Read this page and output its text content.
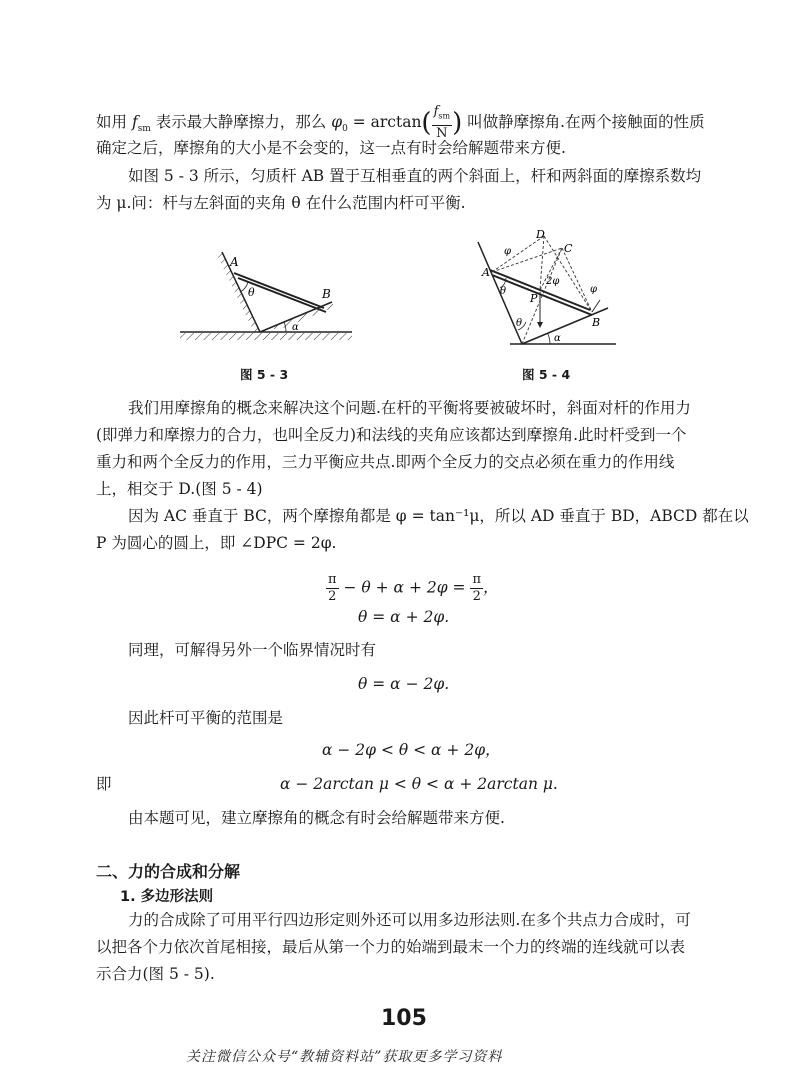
如用 $f_{sm}$ 表示最大静摩擦力，那么 $\varphi_0 = \arctan( \frac{f_{sm}}{N}$ ) 叫做静摩擦角.在两个接触面的性质
确定之后，摩擦角的大小是不会变的，这一点有时会给解题带来方便.
如图 5 - 3 所示，匀质杆 AB 置于互相垂直的两个斜面上，杆和两斜面的摩擦系数均
为 μ.问：杆与左斜面的夹角 θ 在什么范围内杆可平衡.
A
B
θ
α
图 5 - 3
A
B
C
D
P
θ
θ
α
φ
φ
2φ
图 5 - 4
我们用摩擦角的概念来解决这个问题.在杆的平衡将要被破坏时，斜面对杆的作用力
(即弹力和摩擦力的合力，也叫全反力)和法线的夹角应该都达到摩擦角.此时杆受到一个
重力和两个全反力的作用，三力平衡应共点.即两个全反力的交点必须在重力的作用线
上，相交于 D.(图 5 - 4)
因为 AC 垂直于 BC，两个摩擦角都是 φ = tan⁻¹μ，所以 AD 垂直于 BD，ABCD 都在以
P 为圆心的圆上，即 ∠DPC = 2φ.
$\frac{\pi}{2} - \theta + \alpha + 2\varphi = \frac{\pi}{2}$ ，
θ = α + 2φ.
同理，可解得另外一个临界情况时有
θ = α − 2φ.
因此杆可平衡的范围是
α − 2φ < θ < α + 2φ，
即	α − 2arctan μ < θ < α + 2arctan μ.
由本题可见，建立摩擦角的概念有时会给解题带来方便.
二、力的合成和分解
1. 多边形法则
力的合成除了可用平行四边形定则外还可以用多边形法则.在多个共点力合成时，可
以把各个力依次首尾相接，最后从第一个力的始端到最末一个力的终端的连线就可以表
示合力(图 5 - 5).
105
关注微信公众号“教辅资料站”获取更多学习资料
